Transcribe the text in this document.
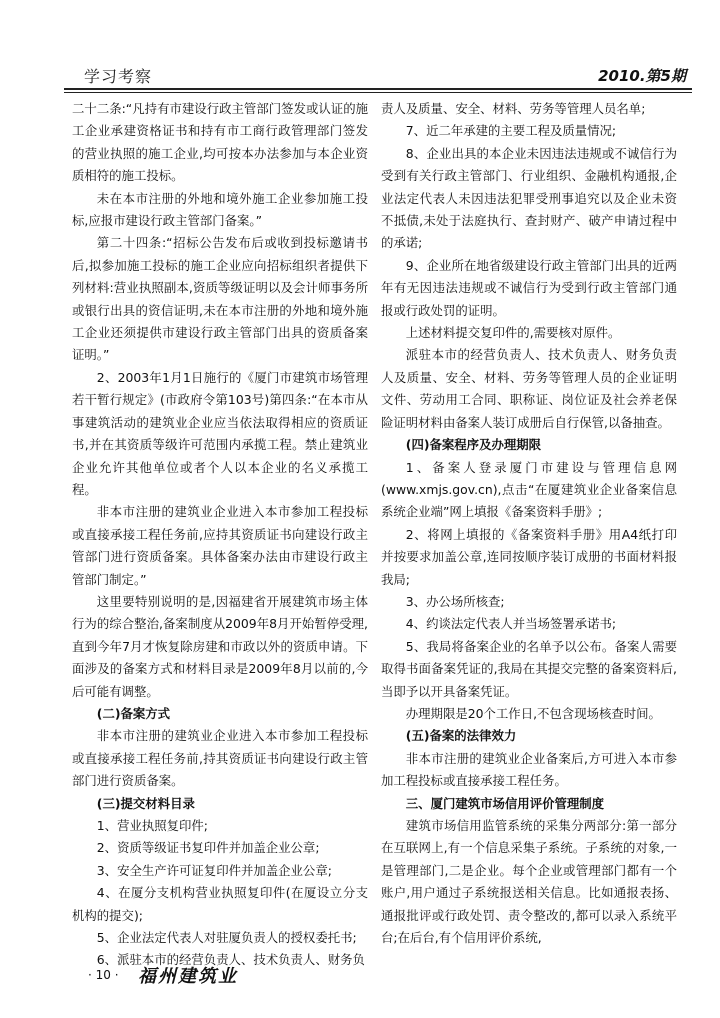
学习考察	2010.第5期

二十二条:“凡持有市建设行政主管部门签发或认证的施工企业承建资格证书和持有市工商行政管理部门签发的营业执照的施工企业,均可按本办法参加与本企业资质相符的施工投标。

未在本市注册的外地和境外施工企业参加施工投标,应报市建设行政主管部门备案。”

第二十四条:“招标公告发布后或收到投标邀请书后,拟参加施工投标的施工企业应向招标组织者提供下列材料:营业执照副本,资质等级证明以及会计师事务所或银行出具的资信证明,未在本市注册的外地和境外施工企业还须提供市建设行政主管部门出具的资质备案证明。”

2、2003年1月1日施行的《厦门市建筑市场管理若干暂行规定》(市政府令第103号)第四条:“在本市从事建筑活动的建筑业企业应当依法取得相应的资质证书,并在其资质等级许可范围内承揽工程。禁止建筑业企业允许其他单位或者个人以本企业的名义承揽工程。

非本市注册的建筑业企业进入本市参加工程投标或直接承接工程任务前,应持其资质证书向建设行政主管部门进行资质备案。具体备案办法由市建设行政主管部门制定。”

这里要特别说明的是,因福建省开展建筑市场主体行为的综合整治,备案制度从2009年8月开始暂停受理,直到今年7月才恢复除房建和市政以外的资质申请。下面涉及的备案方式和材料目录是2009年8月以前的,今后可能有调整。

(二)备案方式

非本市注册的建筑业企业进入本市参加工程投标或直接承接工程任务前,持其资质证书向建设行政主管部门进行资质备案。

(三)提交材料目录

1、营业执照复印件;

2、资质等级证书复印件并加盖企业公章;

3、安全生产许可证复印件并加盖企业公章;

4、在厦分支机构营业执照复印件(在厦设立分支机构的提交);

5、企业法定代表人对驻厦负责人的授权委托书;

6、派驻本市的经营负责人、技术负责人、财务负

责人及质量、安全、材料、劳务等管理人员名单;

7、近二年承建的主要工程及质量情况;

8、企业出具的本企业未因违法违规或不诚信行为受到有关行政主管部门、行业组织、金融机构通报,企业法定代表人未因违法犯罪受刑事追究以及企业未资不抵债,未处于法庭执行、查封财产、破产申请过程中的承诺;

9、企业所在地省级建设行政主管部门出具的近两年有无因违法违规或不诚信行为受到行政主管部门通报或行政处罚的证明。

上述材料提交复印件的,需要核对原件。

派驻本市的经营负责人、技术负责人、财务负责人及质量、安全、材料、劳务等管理人员的企业证明文件、劳动用工合同、职称证、岗位证及社会养老保险证明材料由备案人装订成册后自行保管,以备抽查。

(四)备案程序及办理期限

1、备案人登录厦门市建设与管理信息网(www.xmjs.gov.cn),点击“在厦建筑业企业备案信息系统企业端”网上填报《备案资料手册》;

2、将网上填报的《备案资料手册》用A4纸打印并按要求加盖公章,连同按顺序装订成册的书面材料报我局;

3、办公场所核查;

4、约谈法定代表人并当场签署承诺书;

5、我局将备案企业的名单予以公布。备案人需要取得书面备案凭证的,我局在其提交完整的备案资料后,当即予以开具备案凭证。

办理期限是20个工作日,不包含现场核查时间。

(五)备案的法律效力

非本市注册的建筑业企业备案后,方可进入本市参加工程投标或直接承接工程任务。

三、厦门建筑市场信用评价管理制度

建筑市场信用监管系统的采集分两部分:第一部分在互联网上,有一个信息采集子系统。子系统的对象,一是管理部门,二是企业。每个企业或管理部门都有一个账户,用户通过子系统报送相关信息。比如通报表扬、通报批评或行政处罚、责令整改的,都可以录入系统平台;在后台,有个信用评价系统,

· 10 · 福州建筑业
